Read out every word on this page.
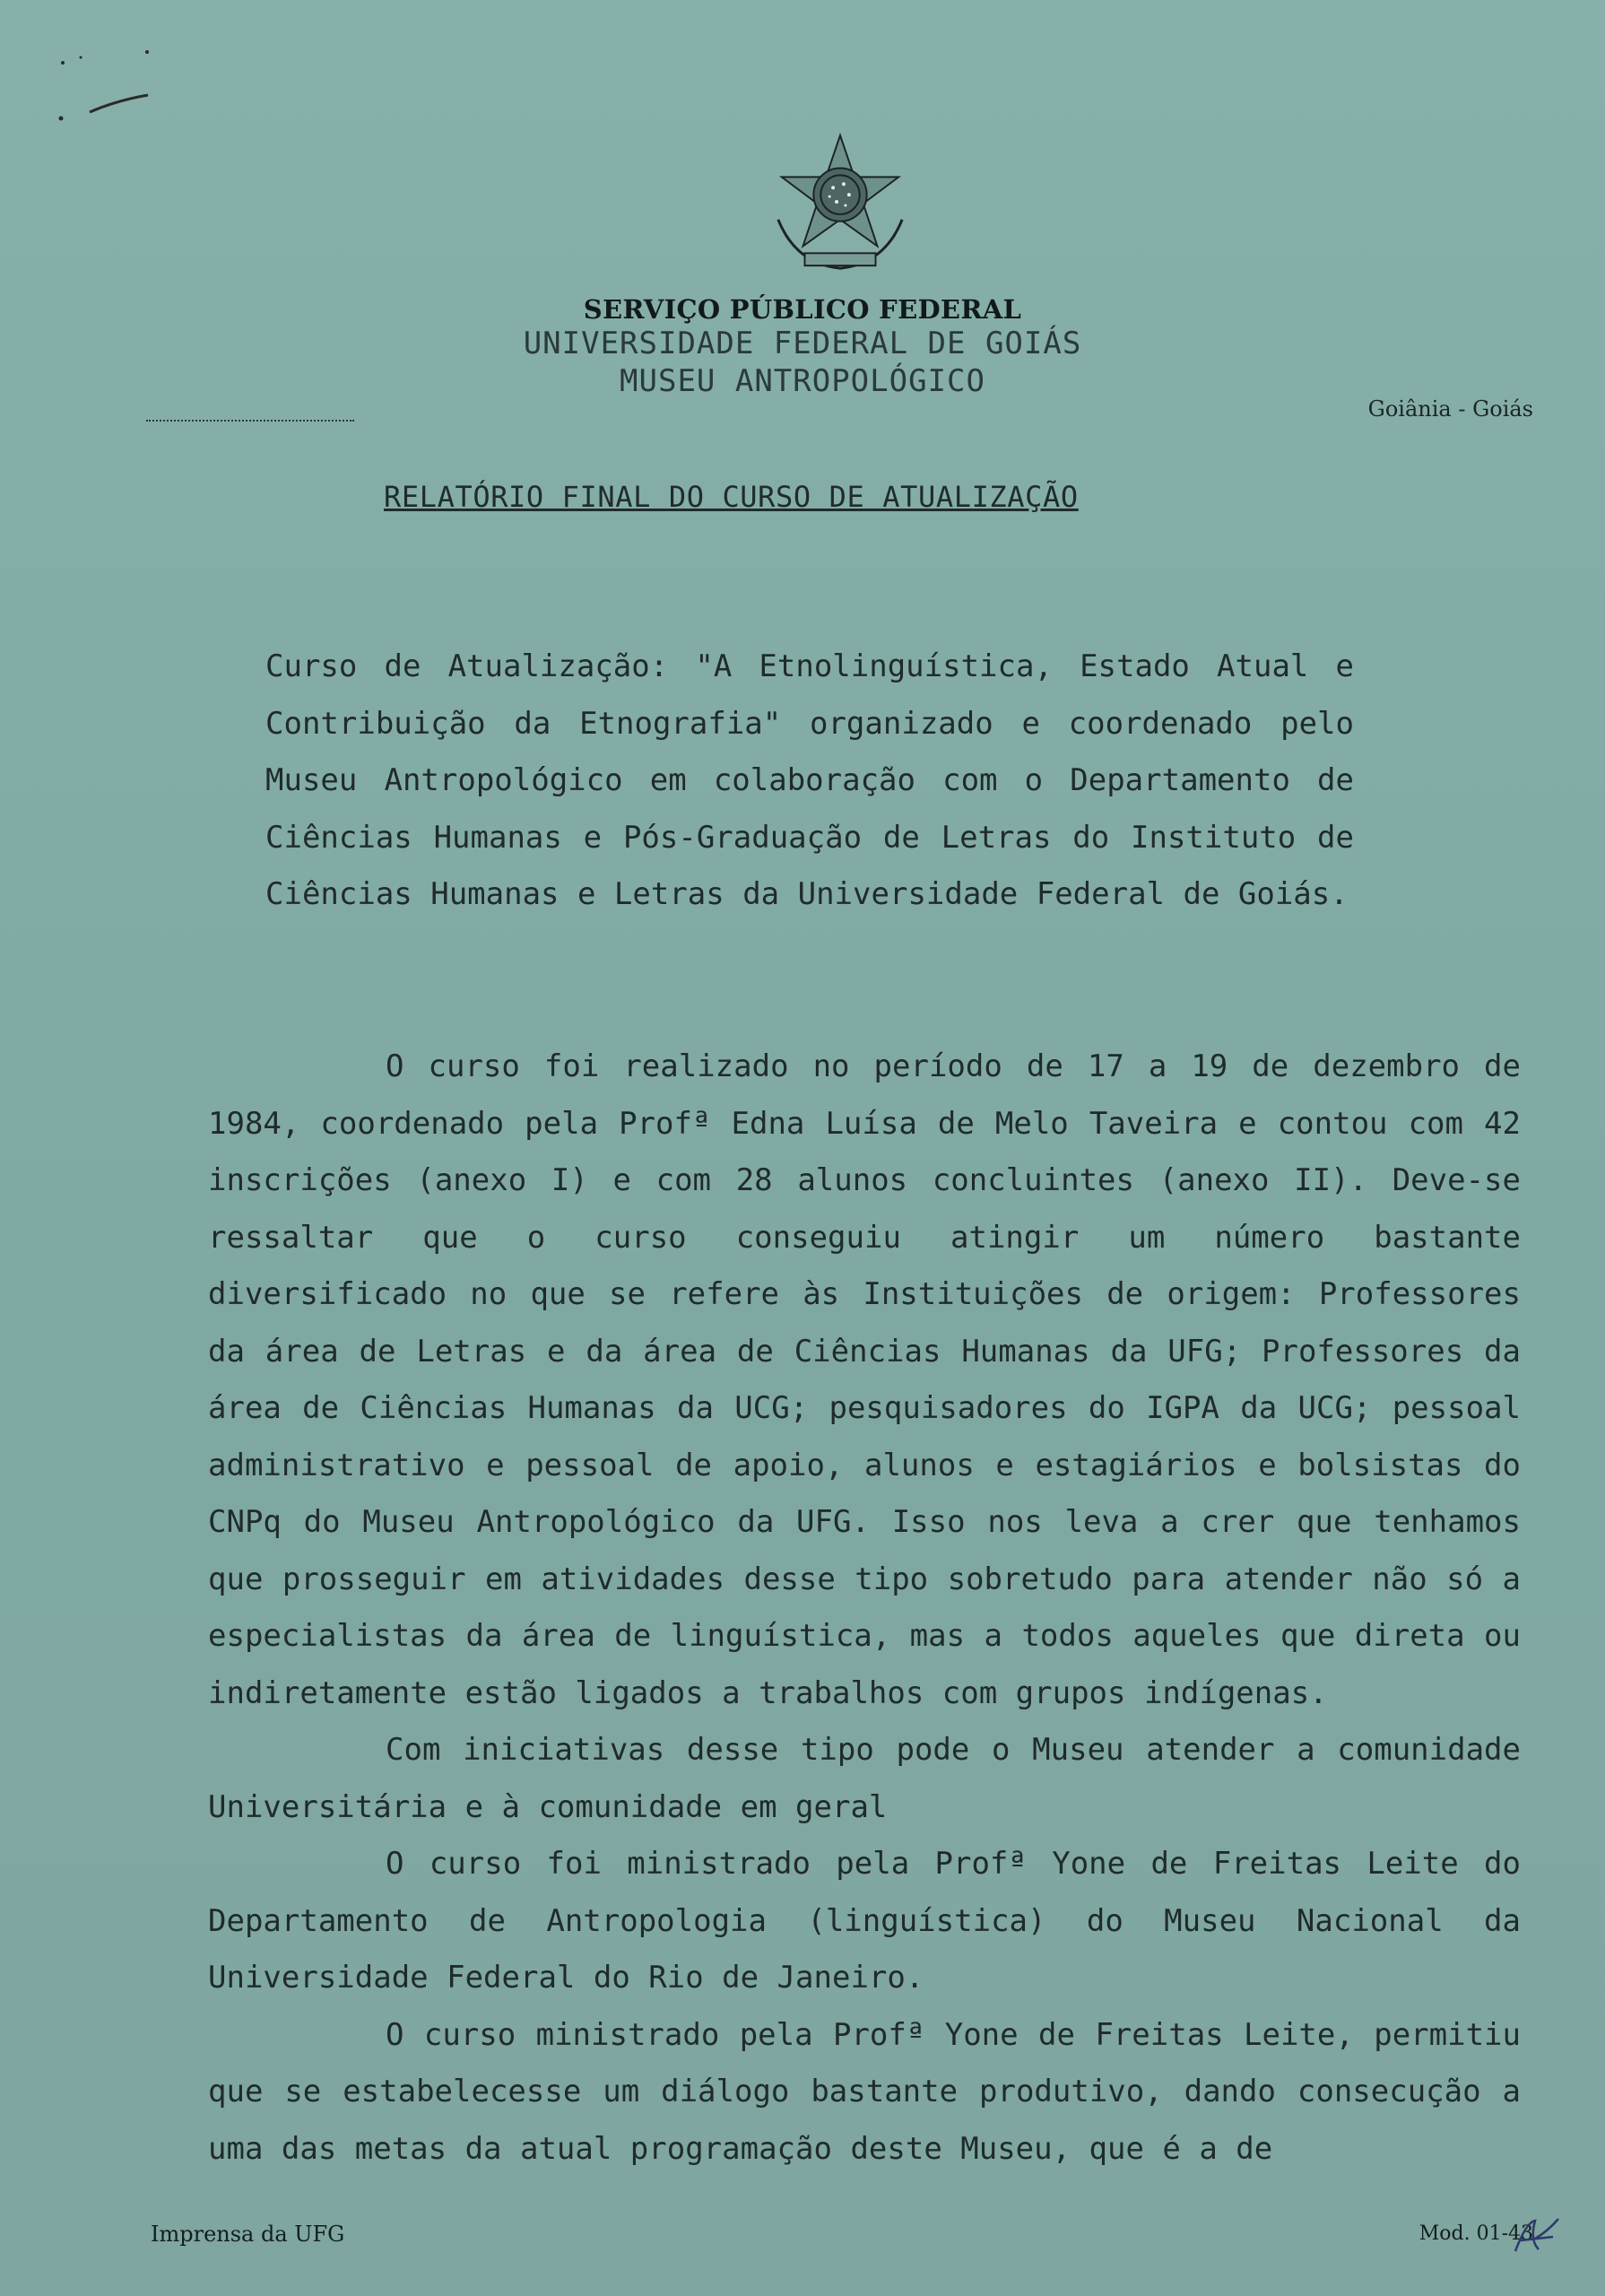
SERVIÇO PÚBLICO FEDERAL
UNIVERSIDADE FEDERAL DE GOIÁS
MUSEU ANTROPOLÓGICO
Goiânia - Goiás
RELATÓRIO FINAL DO CURSO DE ATUALIZAÇÃO
Curso de Atualização: "A Etnolinguística, Estado Atual e Contribuição da Etnografia" organizado e coordenado pelo Museu Antropológico em colaboração com o Departamento de Ciências Humanas e Pós-Graduação de Letras do Instituto de Ciências Humanas e Letras da Universidade Federal de Goiás.

O curso foi realizado no período de 17 a 19 de dezembro de 1984, coordenado pela Profª Edna Luísa de Melo Taveira e contou com 42 inscrições (anexo I) e com 28 alunos concluintes (anexo II). Deve-se ressaltar que o curso conseguiu atingir um número bastante diversificado no que se refere às Instituições de origem: Professores da área de Letras e da área de Ciências Humanas da UFG; Professores da área de Ciências Humanas da UCG; pesquisadores do IGPA da UCG; pessoal administrativo e pessoal de apoio, alunos e estagiários e bolsistas do CNPq do Museu Antropológico da UFG. Isso nos leva a crer que tenhamos que prosseguir em atividades desse tipo sobretudo para atender não só a especialistas da área de linguística, mas a todos aqueles que direta ou indiretamente estão ligados a trabalhos com grupos indígenas.

Com iniciativas desse tipo pode o Museu atender a comunidade Universitária e à comunidade em geral

O curso foi ministrado pela Profª Yone de Freitas Leite do Departamento de Antropologia (linguística) do Museu Nacional da Universidade Federal do Rio de Janeiro.

O curso ministrado pela Profª Yone de Freitas Leite, permitiu que se estabelecesse um diálogo bastante produtivo, dando consecução a uma das metas da atual programação deste Museu, que é a de

Imprensa da UFG	Mod. 01-43
